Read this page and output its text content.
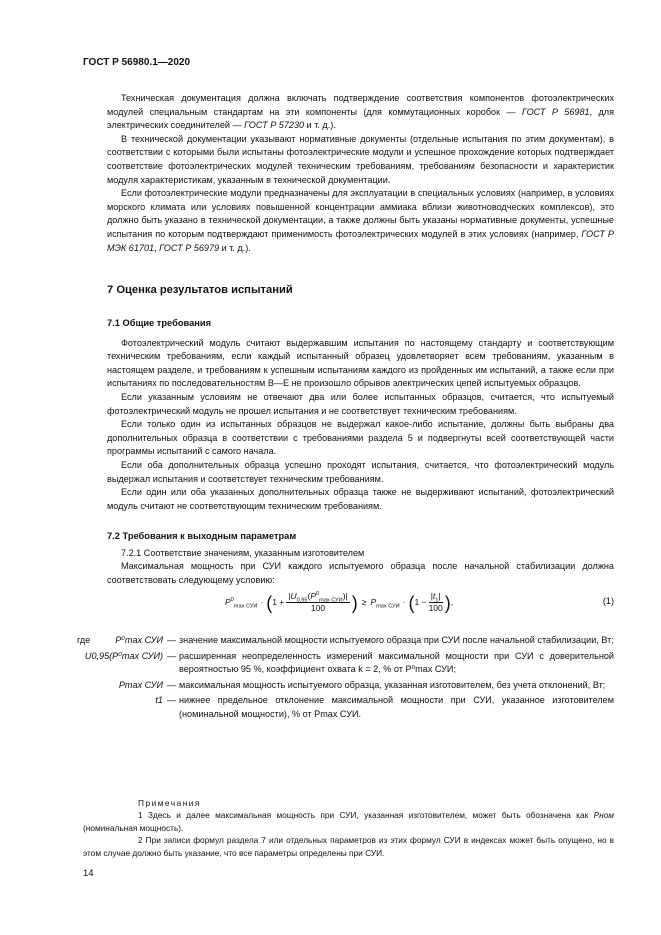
ГОСТ Р 56980.1—2020

Техническая документация должна включать подтверждение соответствия компонентов фотоэлектрических модулей специальным стандартам на эти компоненты (для коммутационных коробок — ГОСТ Р 56981, для электрических соединителей — ГОСТ Р 57230 и т. д.).

В технической документации указывают нормативные документы (отдельные испытания по этим документам), в соответствии с которыми были испытаны фотоэлектрические модули и успешное прохождение которых подтверждает соответствие фотоэлектрических модулей техническим требованиям, требованиям безопасности и характеристик модуля характеристикам, указанным в технической документации.

Если фотоэлектрические модули предназначены для эксплуатации в специальных условиях (например, в условиях морского климата или условиях повышенной концентрации аммиака вблизи животноводческих комплексов), это должно быть указано в технической документации, а также должны быть указаны нормативные документы, успешные испытания по которым подтверждают применимость фотоэлектрических модулей в этих условиях (например, ГОСТ Р МЭК 61701, ГОСТ Р 56979 и т. д.).

7 Оценка результатов испытаний

7.1 Общие требования

Фотоэлектрический модуль считают выдержавшим испытания по настоящему стандарту и соответствующим техническим требованиям, если каждый испытанный образец удовлетворяет всем требованиям, указанным в настоящем разделе, и требованиям к успешным испытаниям каждого из пройденных им испытаний, а также если при испытаниях по последовательностям В—Е не произошло обрывов электрических цепей испытуемых образцов.

Если указанным условиям не отвечают два или более испытанных образцов, считается, что испытуемый фотоэлектрический модуль не прошел испытания и не соответствует техническим требованиям.

Если только один из испытанных образцов не выдержал какое-либо испытание, должны быть выбраны два дополнительных образца в соответствии с требованиями раздела 5 и подвергнуты всей соответствующей части программы испытаний с самого начала.

Если оба дополнительных образца успешно проходят испытания, считается, что фотоэлектрический модуль выдержал испытания и соответствует техническим требованиям.

Если один или оба указанных дополнительных образца также не выдерживают испытаний, фотоэлектрический модуль считают не соответствующим техническим требованиям.

7.2 Требования к выходным параметрам

7.2.1 Соответствие значениям, указанным изготовителем

Максимальная мощность при СУИ каждого испытуемого образца после начальной стабилизации должна соответствовать следующему условию:

$P^0_{max СУИ}$ · ( $1 + \frac{|U_{0,95}(P^0_{max СУИ})|}{100}$ ) ≥ $P_{max СУИ}$ · ( $1 - \frac{|t_1|}{100}$ ) ,	(1)
где	P⁰max СУИ — значение максимальной мощности испытуемого образца при СУИ после начальной стабилизации, Вт;
U0,95(P⁰max СУИ) — расширенная неопределенность измерений максимальной мощности при СУИ с доверительной вероятностью 95 %, коэффициент охвата k = 2, % от P⁰max СУИ;
Pmax СУИ — максимальная мощность испытуемого образца, указанная изготовителем, без учета отклонений, Вт;
t1 — нижнее предельное отклонение максимальной мощности при СУИ, указанное изготовителем (номинальной мощности), % от Pmax СУИ.

Примечания

1 Здесь и далее максимальная мощность при СУИ, указанная изготовителем, может быть обозначена как Pном (номинальная мощность).

2 При записи формул раздела 7 или отдельных параметров из этих формул СУИ в индексах может быть опущено, но в этом случае должно быть указание, что все параметры определены при СУИ.

14
